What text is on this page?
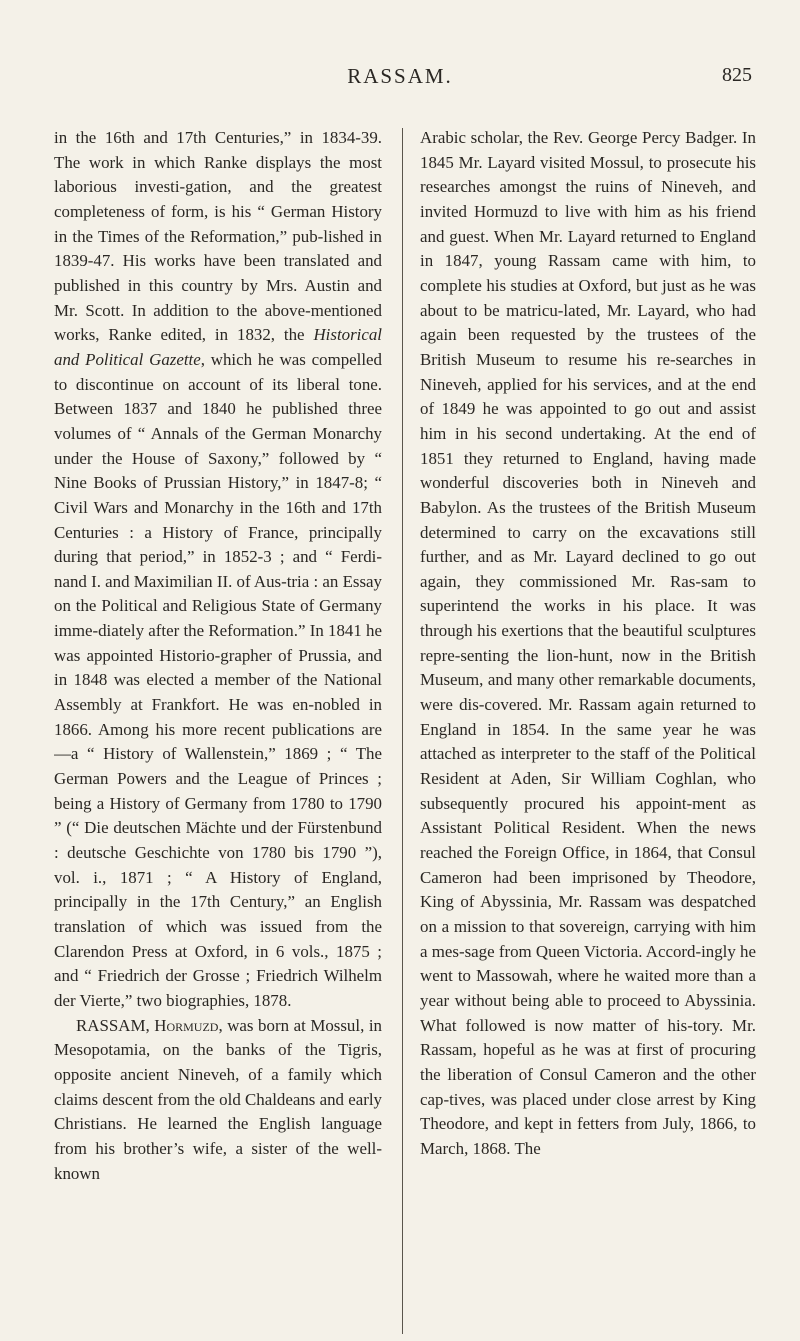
RASSAM.	825

in the 16th and 17th Centuries,” in 1834-39. The work in which Ranke displays the most laborious investi-gation, and the greatest completeness of form, is his “ German History in the Times of the Reformation,” pub-lished in 1839-47. His works have been translated and published in this country by Mrs. Austin and Mr. Scott. In addition to the above-mentioned works, Ranke edited, in 1832, the Historical and Political Gazette, which he was compelled to discontinue on account of its liberal tone. Between 1837 and 1840 he published three volumes of “ Annals of the German Monarchy under the House of Saxony,” followed by “ Nine Books of Prussian History,” in 1847-8; “ Civil Wars and Monarchy in the 16th and 17th Centuries : a History of France, principally during that period,” in 1852-3 ; and “ Ferdi-nand I. and Maximilian II. of Aus-tria : an Essay on the Political and Religious State of Germany imme-diately after the Reformation.” In 1841 he was appointed Historio-grapher of Prussia, and in 1848 was elected a member of the National Assembly at Frankfort. He was en-nobled in 1866. Among his more recent publications are—a “ History of Wallenstein,” 1869 ; “ The German Powers and the League of Princes ; being a History of Germany from 1780 to 1790 ” (“ Die deutschen Mächte und der Fürstenbund : deutsche Geschichte von 1780 bis 1790 ”), vol. i., 1871 ; “ A History of England, principally in the 17th Century,” an English translation of which was issued from the Clarendon Press at Oxford, in 6 vols., 1875 ; and “ Friedrich der Grosse ; Friedrich Wilhelm der Vierte,” two biographies, 1878.

RASSAM, Hormuzd, was born at Mossul, in Mesopotamia, on the banks of the Tigris, opposite ancient Nineveh, of a family which claims descent from the old Chaldeans and early Christians. He learned the English language from his brother’s wife, a sister of the well-known

Arabic scholar, the Rev. George Percy Badger. In 1845 Mr. Layard visited Mossul, to prosecute his researches amongst the ruins of Nineveh, and invited Hormuzd to live with him as his friend and guest. When Mr. Layard returned to England in 1847, young Rassam came with him, to complete his studies at Oxford, but just as he was about to be matricu-lated, Mr. Layard, who had again been requested by the trustees of the British Museum to resume his re-searches in Nineveh, applied for his services, and at the end of 1849 he was appointed to go out and assist him in his second undertaking. At the end of 1851 they returned to England, having made wonderful discoveries both in Nineveh and Babylon. As the trustees of the British Museum determined to carry on the excavations still further, and as Mr. Layard declined to go out again, they commissioned Mr. Ras-sam to superintend the works in his place. It was through his exertions that the beautiful sculptures repre-senting the lion-hunt, now in the British Museum, and many other remarkable documents, were dis-covered. Mr. Rassam again returned to England in 1854. In the same year he was attached as interpreter to the staff of the Political Resident at Aden, Sir William Coghlan, who subsequently procured his appoint-ment as Assistant Political Resident. When the news reached the Foreign Office, in 1864, that Consul Cameron had been imprisoned by Theodore, King of Abyssinia, Mr. Rassam was despatched on a mission to that sovereign, carrying with him a mes-sage from Queen Victoria. Accord-ingly he went to Massowah, where he waited more than a year without being able to proceed to Abyssinia. What followed is now matter of his-tory. Mr. Rassam, hopeful as he was at first of procuring the liberation of Consul Cameron and the other cap-tives, was placed under close arrest by King Theodore, and kept in fetters from July, 1866, to March, 1868. The
